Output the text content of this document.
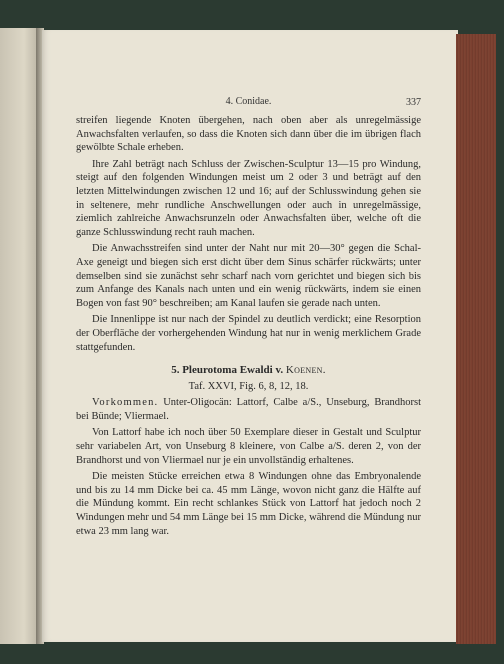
4. Conidae.	337

streifen liegende Knoten übergehen, nach oben aber als unregelmässige Anwachsfalten verlaufen, so dass die Knoten sich dann über die im übrigen flach gewölbte Schale erheben.

Ihre Zahl beträgt nach Schluss der Zwischen-Sculptur 13—15 pro Windung, steigt auf den folgenden Windungen meist um 2 oder 3 und beträgt auf den letzten Mittelwindungen zwischen 12 und 16; auf der Schlusswindung gehen sie in seltenere, mehr rundliche Anschwellungen oder auch in unregelmässige, ziemlich zahlreiche Anwachsrunzeln oder Anwachsfalten über, welche oft die ganze Schlusswindung recht rauh machen.

Die Anwachsstreifen sind unter der Naht nur mit 20—30° gegen die Schal-Axe geneigt und biegen sich erst dicht über dem Sinus schärfer rückwärts; unter demselben sind sie zunächst sehr scharf nach vorn gerichtet und biegen sich bis zum Anfange des Kanals nach unten und ein wenig rückwärts, indem sie einen Bogen von fast 90° beschreiben; am Kanal laufen sie gerade nach unten.

Die Innenlippe ist nur nach der Spindel zu deutlich verdickt; eine Resorption der Oberfläche der vorhergehenden Windung hat nur in wenig merklichem Grade stattgefunden.

5. Pleurotoma Ewaldi v. Koenen.
Taf. XXVI, Fig. 6, 8, 12, 18.

Vorkommen. Unter-Oligocän: Lattorf, Calbe a/S., Unseburg, Brandhorst bei Bünde; Vliermael.

Von Lattorf habe ich noch über 50 Exemplare dieser in Gestalt und Sculptur sehr variabelen Art, von Unseburg 8 kleinere, von Calbe a/S. deren 2, von der Brandhorst und von Vliermael nur je ein unvollständig erhaltenes.

Die meisten Stücke erreichen etwa 8 Windungen ohne das Embryonalende und bis zu 14 mm Dicke bei ca. 45 mm Länge, wovon nicht ganz die Hälfte auf die Mündung kommt. Ein recht schlankes Stück von Lattorf hat jedoch noch 2 Windungen mehr und 54 mm Länge bei 15 mm Dicke, während die Mündung nur etwa 23 mm lang war.
